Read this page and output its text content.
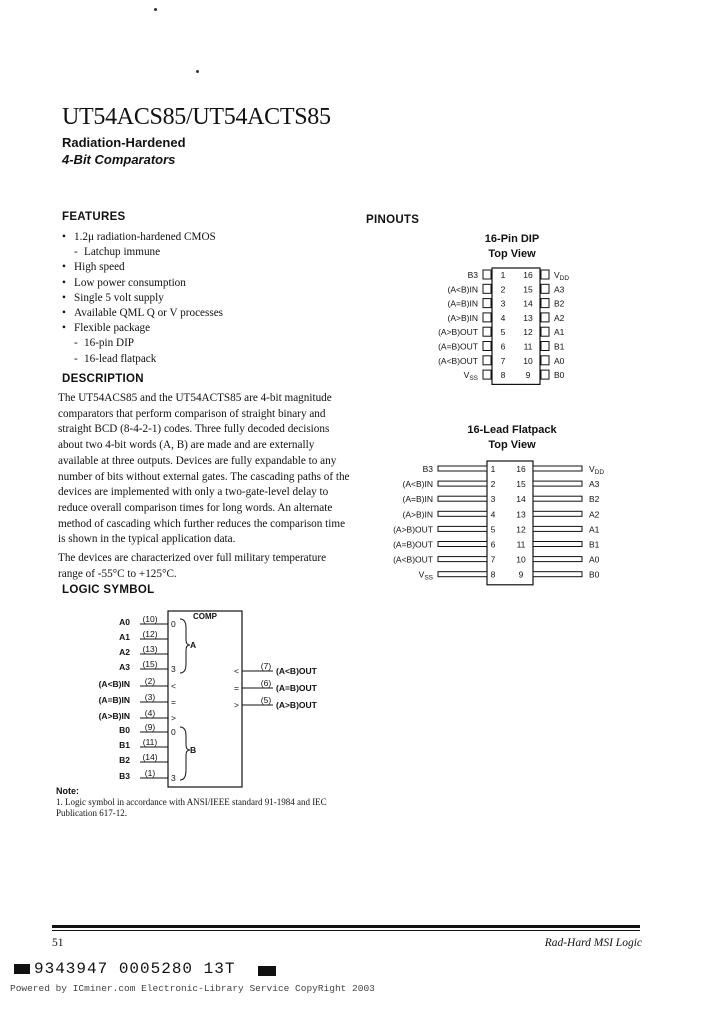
UT54ACS85/UT54ACTS85
Radiation-Hardened
4-Bit Comparators
FEATURES
• 1.2μ radiation-hardened CMOS
- Latchup immune
• High speed
• Low power consumption
• Single 5 volt supply
• Available QML Q or V processes
• Flexible package
- 16-pin DIP
- 16-lead flatpack
DESCRIPTION

The UT54ACS85 and the UT54ACTS85 are 4-bit magnitude comparators that perform comparison of straight binary and straight BCD (8-4-2-1) codes. Three fully decoded decisions about two 4-bit words (A, B) are made and are externally available at three outputs. Devices are fully expandable to any number of bits without external gates. The cascading paths of the devices are implemented with only a two-gate-level delay to reduce overall comparison times for long words. An alternate method of cascading which further reduces the comparison time is shown in the typical application data.

The devices are characterized over full military temperature range of -55°C to +125°C.

LOGIC SYMBOL
COMP
A0 (10) 0
A1 (12)
A2 (13)
A3 (15) 3
(A<B)IN (2) <
(A=B)IN (3) =
(A>B)IN (4) >
B0 (9) 0
B1 (11)
B2 (14)
B3 (1) 3
A
B
<	(7) (A<B)OUT
=	(6) (A=B)OUT
>	(5) (A>B)OUT
PINOUTS
16-Pin DIP
Top View
16-Lead Flatpack
Top View
B3	1 16	$V_{DD}$
(A<B)IN	2 15	A3
(A=B)IN	3 14	B2
(A>B)IN	4 13	A2
(A>B)OUT	5 12	A1
(A=B)OUT	6 11	B1
(A<B)OUT	7 10	A0
$V_{SS}$	8 9	B0
B3	1 16	$V_{DD}$
(A<B)IN	2 15	A3
(A=B)IN	3 14	B2
(A>B)IN	4 13	A2
(A>B)OUT	5 12	A1
(A=B)OUT	6 11	B1
(A<B)OUT	7 10	A0
$V_{SS}$	8	9	B0
Note:
1. Logic symbol in accordance with ANSI/IEEE standard 91-1984 and IEC Publication 617-12.
51	Rad-Hard MSI Logic
9343947 0005280 13T
Powered by ICminer.com Electronic-Library Service CopyRight 2003
